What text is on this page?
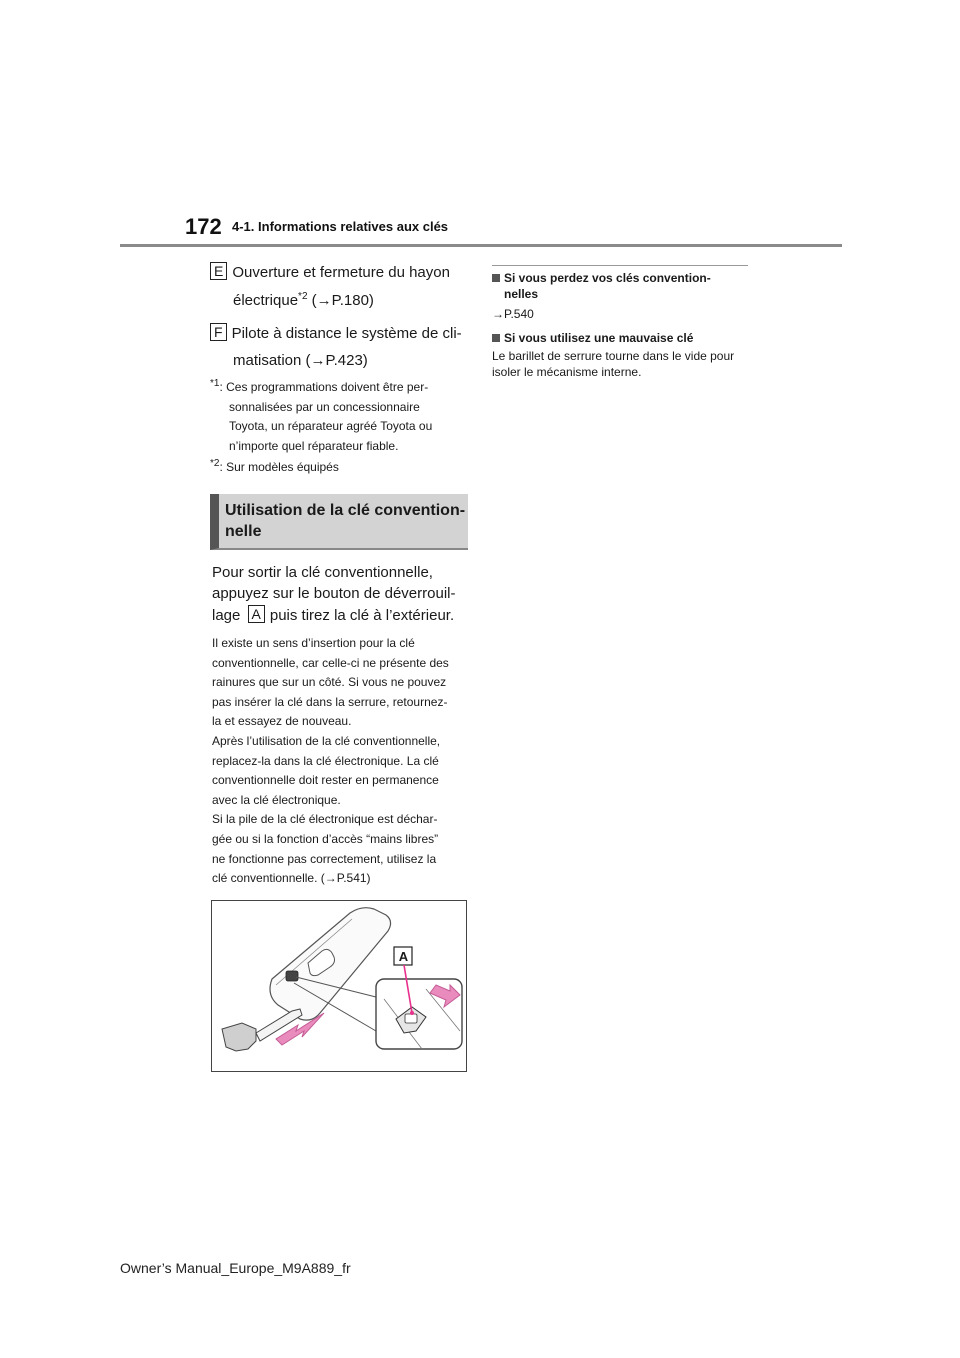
172 4-1. Informations relatives aux clés
E Ouverture et fermeture du hayon
électrique$^{*2}$ (→P.180)
F Pilote à distance le système de cli-
matisation (→P.423)
$^{*1}$: Ces programmations doivent être per-
sonnalisées par un concessionnaire
Toyota, un réparateur agréé Toyota ou
n’importe quel réparateur fiable.
$^{*2}$: Sur modèles équipés
Utilisation de la clé convention-
nelle
Pour sortir la clé conventionnelle,
appuyez sur le bouton de déverrouil-
lage A puis tirez la clé à l’extérieur.
Il existe un sens d’insertion pour la clé
conventionnelle, car celle-ci ne présente des
rainures que sur un côté. Si vous ne pouvez
pas insérer la clé dans la serrure, retournez-
la et essayez de nouveau.
Après l’utilisation de la clé conventionnelle,
replacez-la dans la clé électronique. La clé
conventionnelle doit rester en permanence
avec la clé électronique.
Si la pile de la clé électronique est déchar-
gée ou si la fonction d’accès “mains libres”
ne fonctionne pas correctement, utilisez la
clé conventionnelle. (→P.541)
A
Si vous perdez vos clés convention-
nelles
→P.540
Si vous utilisez une mauvaise clé
Le barillet de serrure tourne dans le vide pour
isoler le mécanisme interne.
Owner’s Manual_Europe_M9A889_fr
